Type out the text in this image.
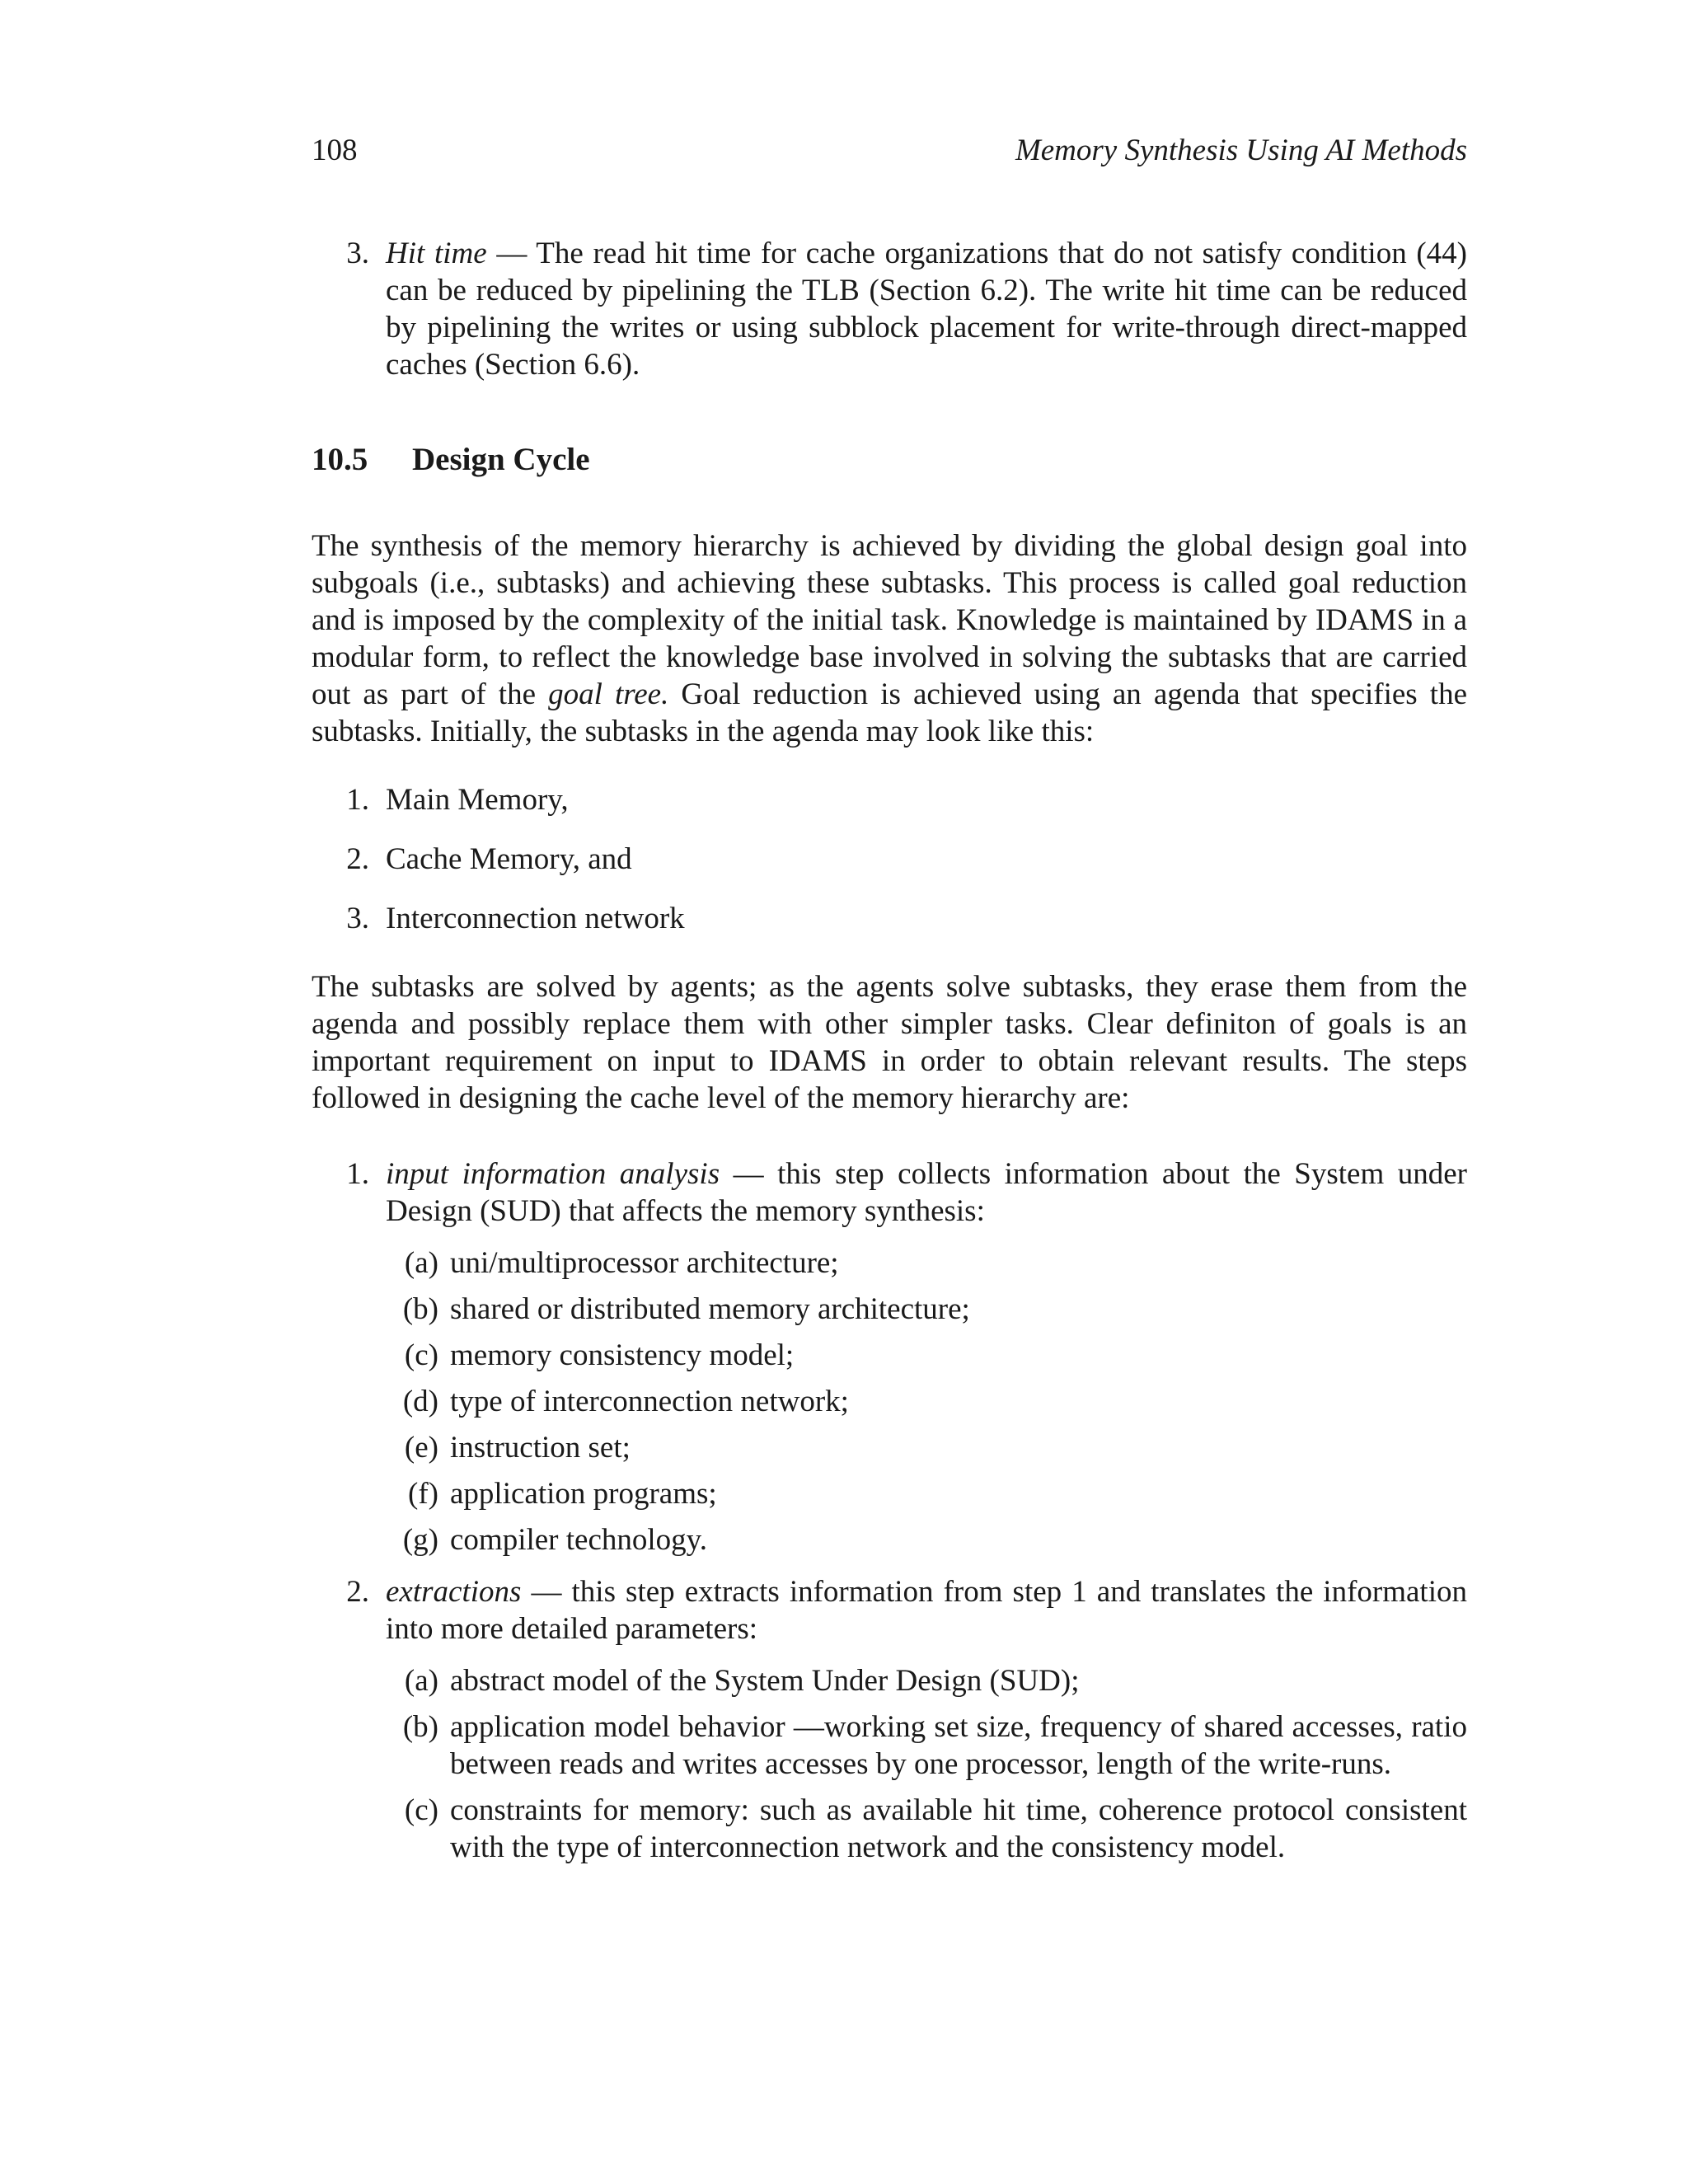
108	Memory Synthesis Using AI Methods
3. Hit time — The read hit time for cache organizations that do not satisfy condition (44) can be reduced by pipelining the TLB (Section 6.2). The write hit time can be reduced by pipelining the writes or using subblock placement for write-through direct-mapped caches (Section 6.6).
10.5	Design Cycle

The synthesis of the memory hierarchy is achieved by dividing the global design goal into subgoals (i.e., subtasks) and achieving these subtasks. This process is called goal reduction and is imposed by the complexity of the initial task. Knowledge is maintained by IDAMS in a modular form, to reflect the knowledge base involved in solving the subtasks that are carried out as part of the goal tree. Goal reduction is achieved using an agenda that specifies the subtasks. Initially, the subtasks in the agenda may look like this:

1. Main Memory,
2. Cache Memory, and
3. Interconnection network

The subtasks are solved by agents; as the agents solve subtasks, they erase them from the agenda and possibly replace them with other simpler tasks. Clear definiton of goals is an important requirement on input to IDAMS in order to obtain relevant results. The steps followed in designing the cache level of the memory hierarchy are:

1. input information analysis — this step collects information about the System under Design (SUD) that affects the memory synthesis:
(a) uni/multiprocessor architecture;
(b) shared or distributed memory architecture;
(c) memory consistency model;
(d) type of interconnection network;
(e) instruction set;
(f) application programs;
(g) compiler technology.
2. extractions — this step extracts information from step 1 and translates the information into more detailed parameters:
(a) abstract model of the System Under Design (SUD);
(b) application model behavior —working set size, frequency of shared accesses, ratio between reads and writes accesses by one processor, length of the write-runs.
(c) constraints for memory: such as available hit time, coherence protocol consistent with the type of interconnection network and the consistency model.
